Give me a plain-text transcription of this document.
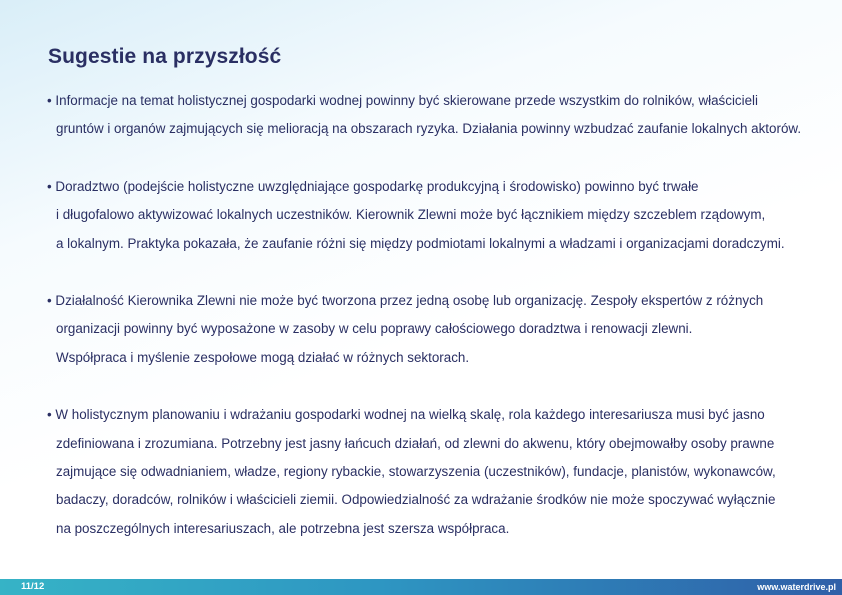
Sugestie na przyszłość
• Informacje na temat holistycznej gospodarki wodnej powinny być skierowane przede wszystkim do rolników, właścicieli
gruntów i organów zajmujących się melioracją na obszarach ryzyka. Działania powinny wzbudzać zaufanie lokalnych aktorów.
• Doradztwo (podejście holistyczne uwzględniające gospodarkę produkcyjną i środowisko) powinno być trwałe
i długofalowo aktywizować lokalnych uczestników. Kierownik Zlewni może być łącznikiem między szczeblem rządowym,
a lokalnym. Praktyka pokazała, że zaufanie różni się między podmiotami lokalnymi a władzami i organizacjami doradczymi.
• Działalność Kierownika Zlewni nie może być tworzona przez jedną osobę lub organizację. Zespoły ekspertów z różnych
organizacji powinny być wyposażone w zasoby w celu poprawy całościowego doradztwa i renowacji zlewni.
Współpraca i myślenie zespołowe mogą działać w różnych sektorach.
• W holistycznym planowaniu i wdrażaniu gospodarki wodnej na wielką skalę, rola każdego interesariusza musi być jasno
zdefiniowana i zrozumiana. Potrzebny jest jasny łańcuch działań, od zlewni do akwenu, który obejmowałby osoby prawne
zajmujące się odwadnianiem, władze, regiony rybackie, stowarzyszenia (uczestników), fundacje, planistów, wykonawców,
badaczy, doradców, rolników i właścicieli ziemii. Odpowiedzialność za wdrażanie środków nie może spoczywać wyłącznie
na poszczególnych interesariuszach, ale potrzebna jest szersza współpraca.
11/12	www.waterdrive.pl
